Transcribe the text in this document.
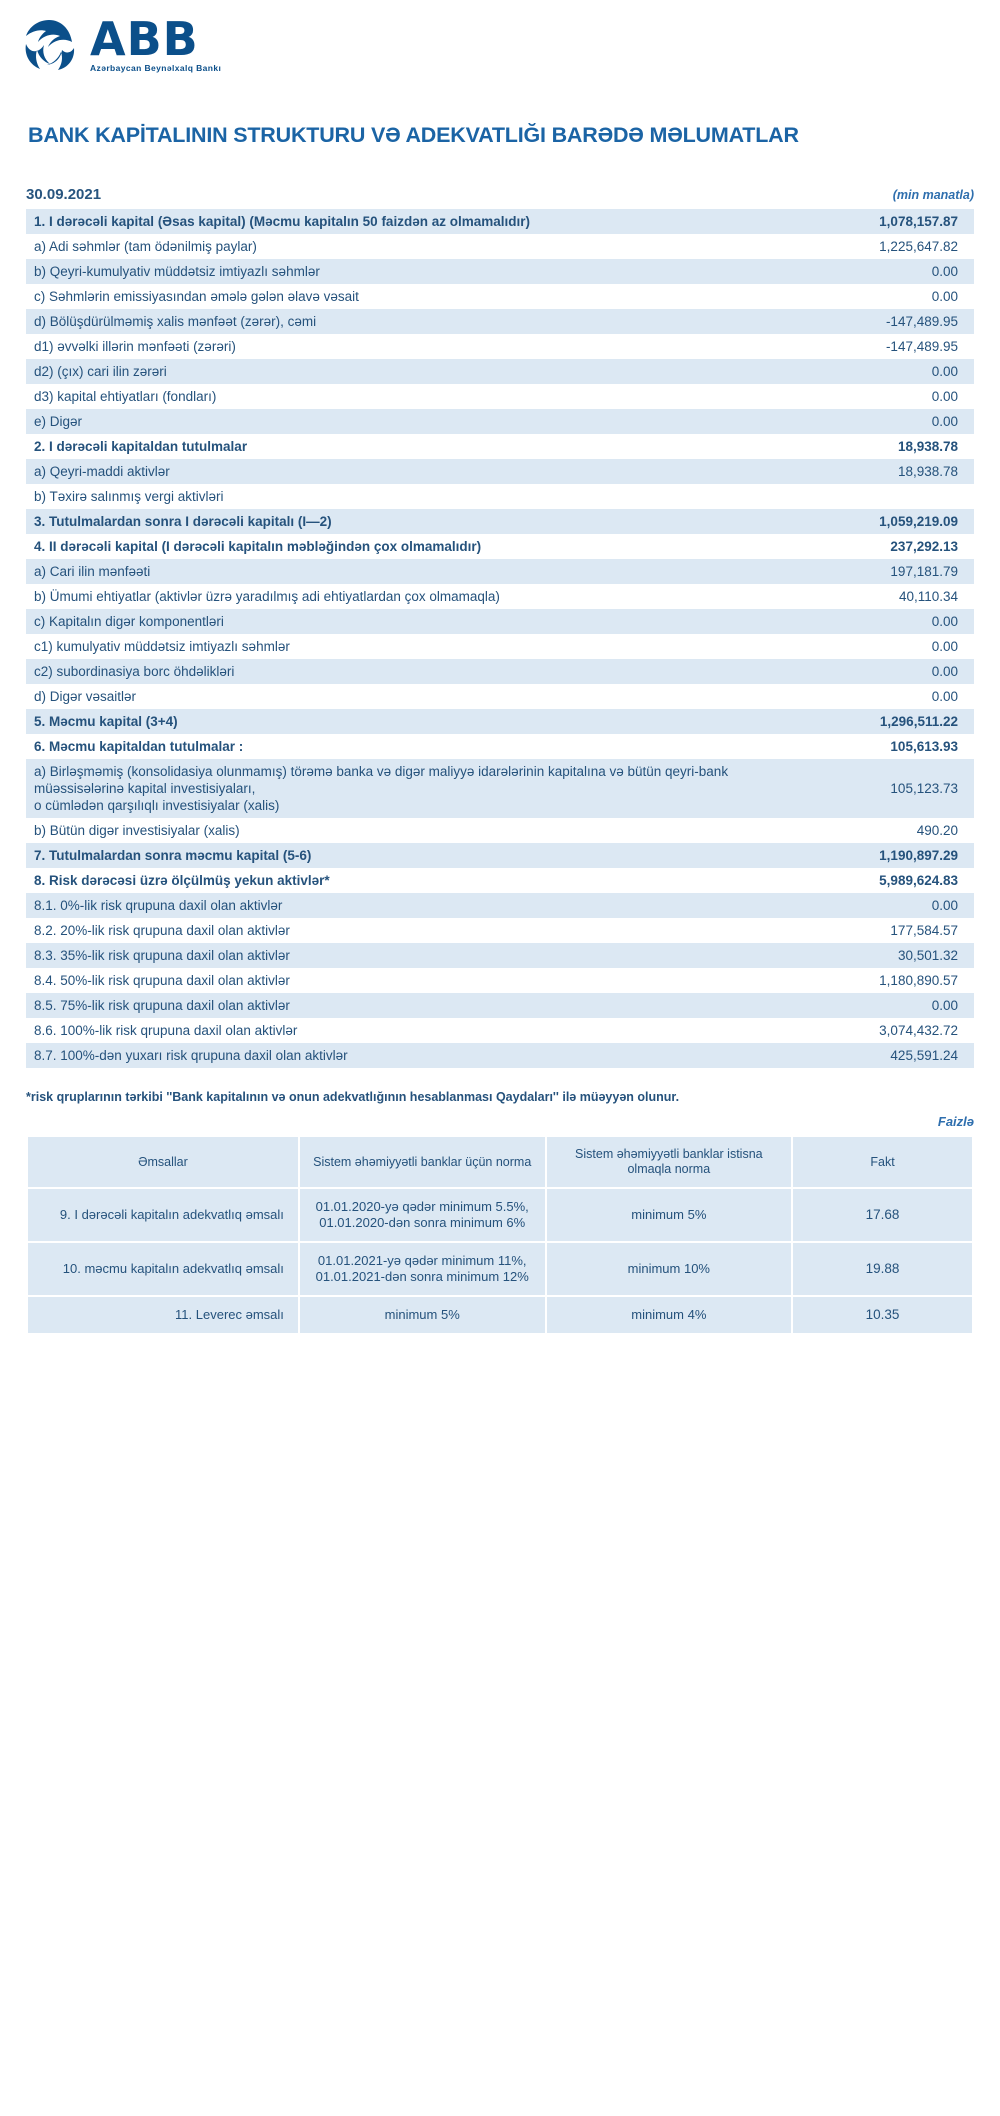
ABB
Azərbaycan Beynəlxalq Bankı
BANK KAPİTALININ STRUKTURU VƏ ADEKVATLIĞI BARƏDƏ MƏLUMATLAR
30.09.2021	(min manatla)
1. I dərəcəli kapital (Əsas kapital) (Məcmu kapitalın 50 faizdən az olmamalıdır)	1,078,157.87
a) Adi səhmlər (tam ödənilmiş paylar)	1,225,647.82
b) Qeyri-kumulyativ müddətsiz imtiyazlı səhmlər	0.00
c) Səhmlərin emissiyasından əmələ gələn əlavə vəsait	0.00
d) Bölüşdürülməmiş xalis mənfəət (zərər), cəmi	-147,489.95
d1) əvvəlki illərin mənfəəti (zərəri)	-147,489.95
d2) (çıx) cari ilin zərəri	0.00
d3) kapital ehtiyatları (fondları)	0.00
e) Digər	0.00
2. I dərəcəli kapitaldan tutulmalar	18,938.78
a) Qeyri-maddi aktivlər	18,938.78
b) Təxirə salınmış vergi aktivləri	
3. Tutulmalardan sonra I dərəcəli kapitalı (I—2)	1,059,219.09
4. II dərəcəli kapital (I dərəcəli kapitalın məbləğindən çox olmamalıdır)	237,292.13
a) Cari ilin mənfəəti	197,181.79
b) Ümumi ehtiyatlar (aktivlər üzrə yaradılmış adi ehtiyatlardan çox olmamaqla)	40,110.34
c) Kapitalın digər komponentləri	0.00
c1) kumulyativ müddətsiz imtiyazlı səhmlər	0.00
c2) subordinasiya borc öhdəlikləri	0.00
d) Digər vəsaitlər	0.00
5. Məcmu kapital (3+4)	1,296,511.22
6. Məcmu kapitaldan tutulmalar :	105,613.93
a) Birləşməmiş (konsolidasiya olunmamış) törəmə banka və digər maliyyə idarələrinin kapitalına və bütün qeyri-bank müəssisələrinə kapital investisiyaları,
o cümlədən qarşılıqlı investisiyalar (xalis)	105,123.73
b) Bütün digər investisiyalar (xalis)	490.20
7. Tutulmalardan sonra məcmu kapital (5-6)	1,190,897.29
8. Risk dərəcəsi üzrə ölçülmüş yekun aktivlər*	5,989,624.83
8.1. 0%-lik risk qrupuna daxil olan aktivlər	0.00
8.2. 20%-lik risk qrupuna daxil olan aktivlər	177,584.57
8.3. 35%-lik risk qrupuna daxil olan aktivlər	30,501.32
8.4. 50%-lik risk qrupuna daxil olan aktivlər	1,180,890.57
8.5. 75%-lik risk qrupuna daxil olan aktivlər	0.00
8.6. 100%-lik risk qrupuna daxil olan aktivlər	3,074,432.72
8.7. 100%-dən yuxarı risk qrupuna daxil olan aktivlər	425,591.24
*risk qruplarının tərkibi ''Bank kapitalının və onun adekvatlığının hesablanması Qaydaları'' ilə müəyyən olunur.
Faizlə
Əmsallar	Sistem əhəmiyyətli banklar üçün norma	Sistem əhəmiyyətli banklar istisna olmaqla norma	Fakt
9. I dərəcəli kapitalın adekvatlıq əmsalı	01.01.2020-yə qədər minimum 5.5%,
01.01.2020-dən sonra minimum 6%	minimum 5%	17.68
10. məcmu kapitalın adekvatlıq əmsalı	01.01.2021-yə qədər minimum 11%,
01.01.2021-dən sonra minimum 12%	minimum 10%	19.88
11. Leverec əmsalı	minimum 5%	minimum 4%	10.35
